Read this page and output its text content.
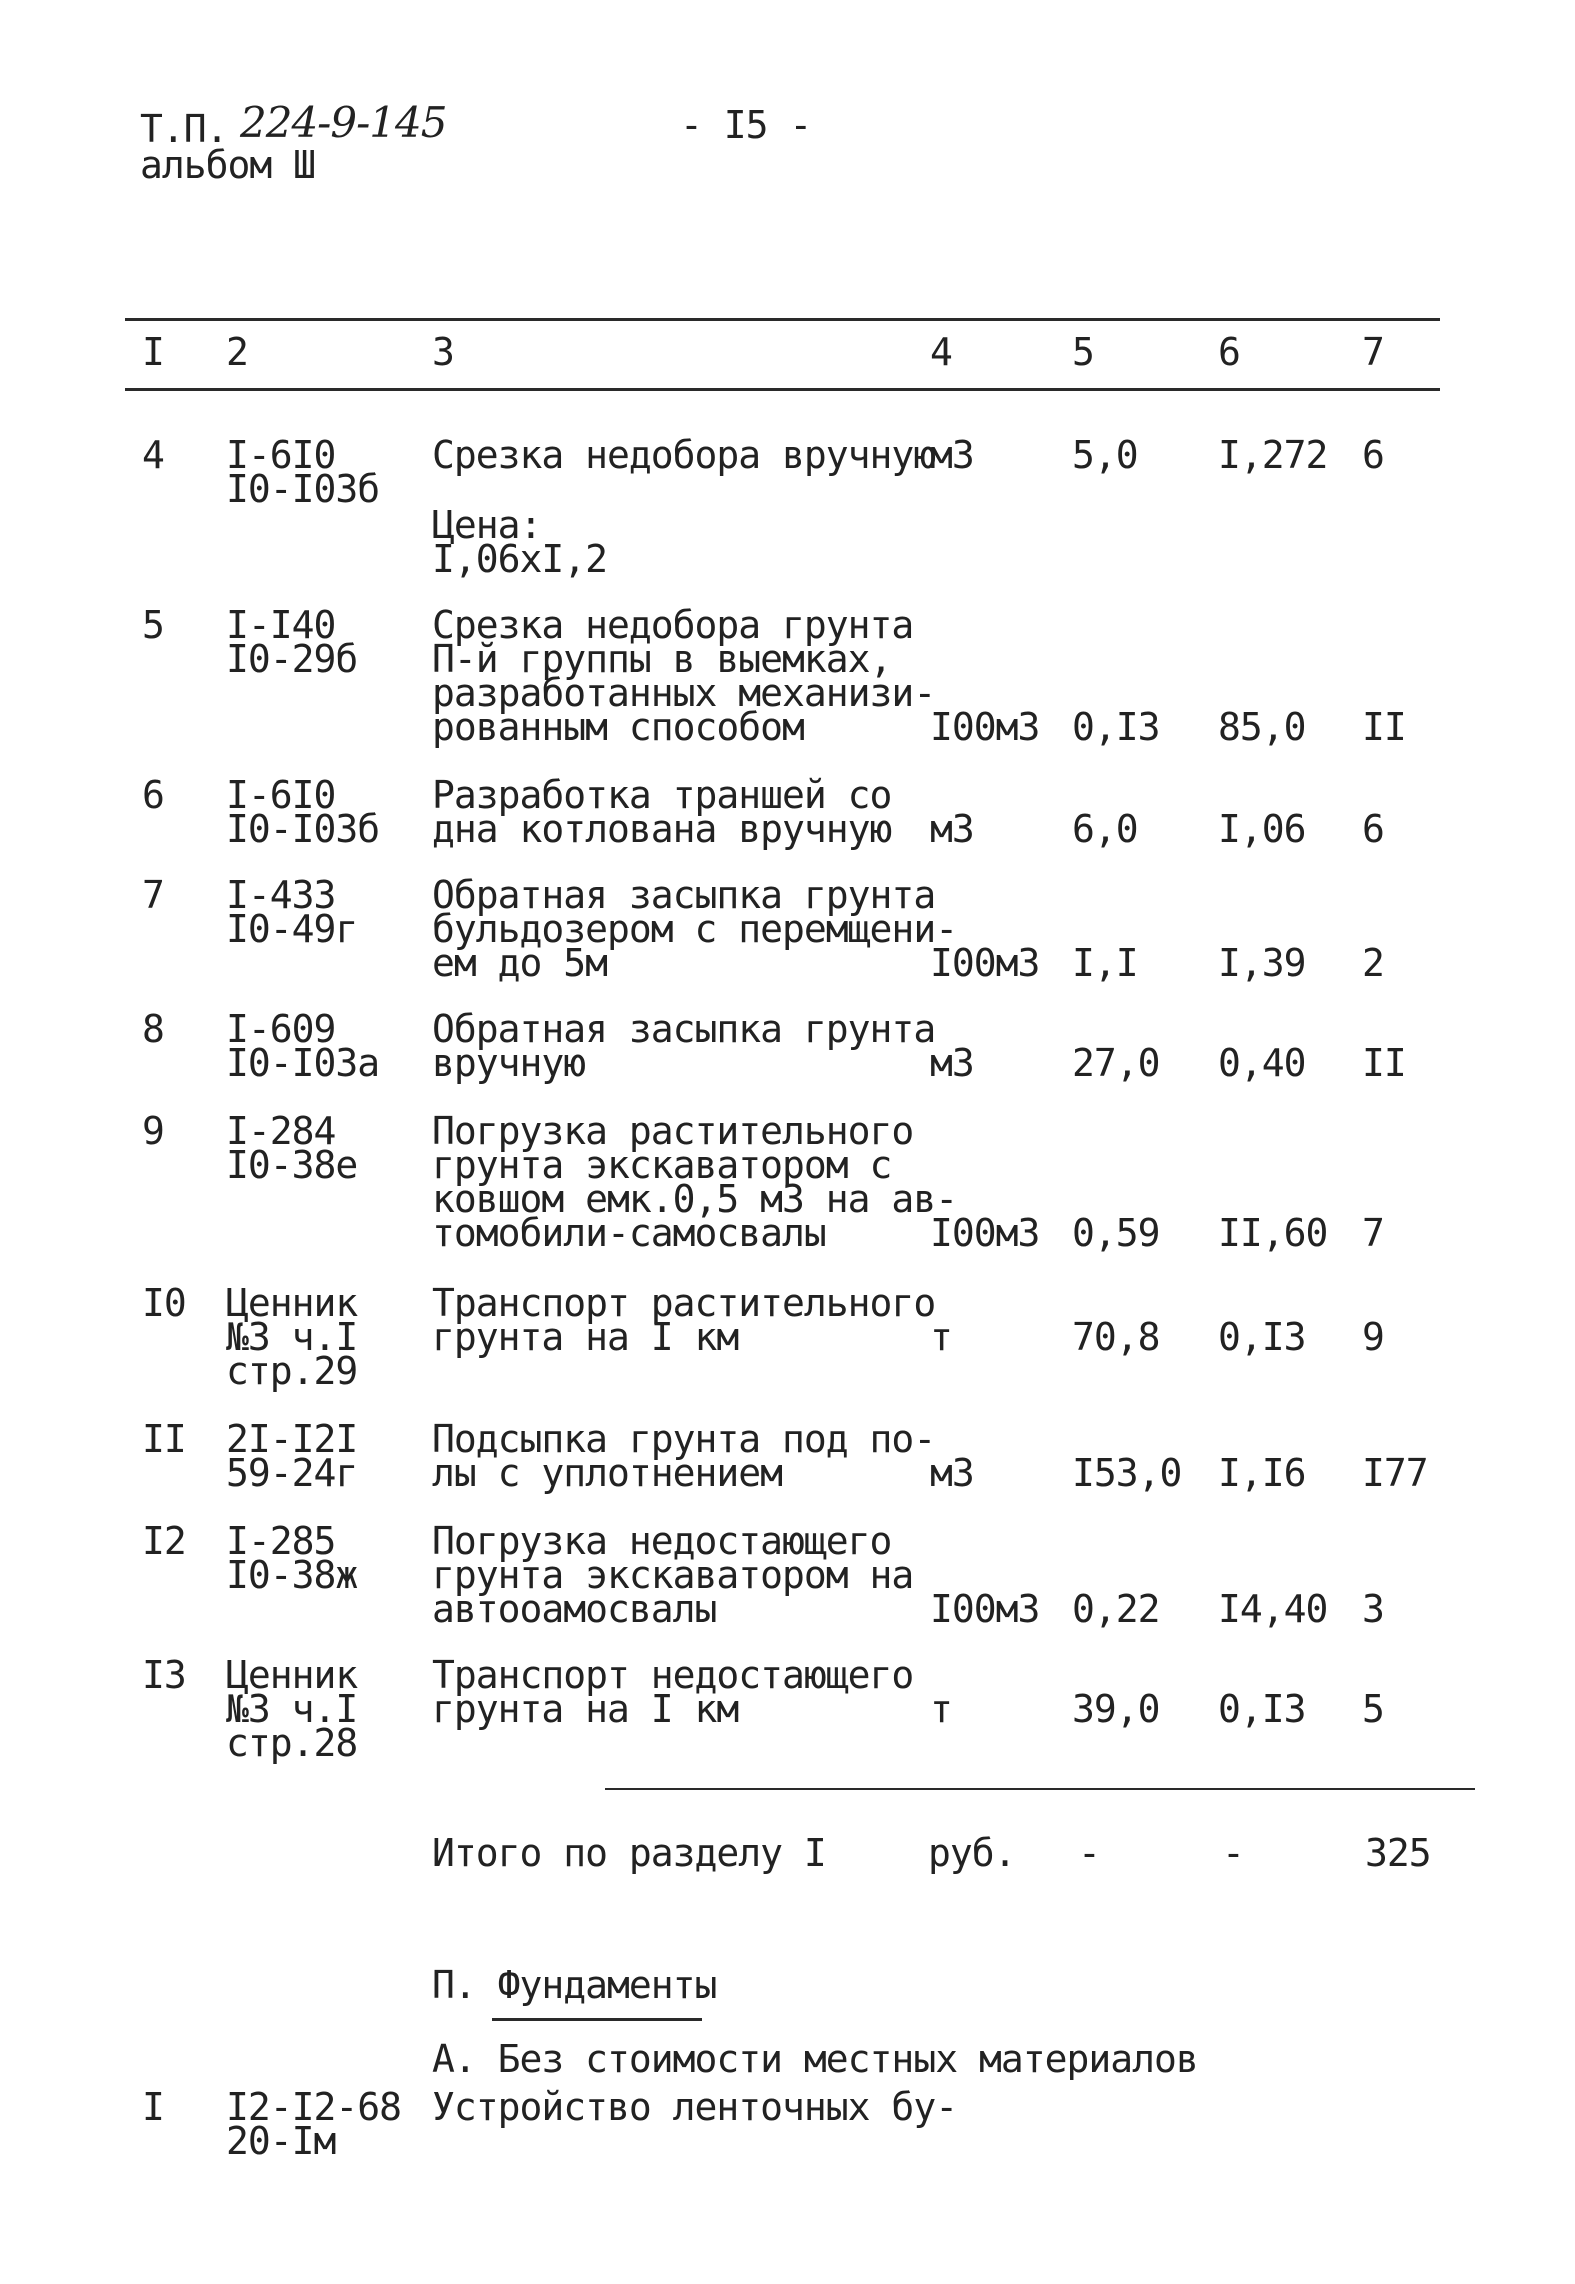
Т.П. 224-9-145
альбом Ш
- I5 -
I 2	3	4	5	6	7
4 I-6I0
I0-I03б
Срезка недобора вручную
м3	5,0 I,272 6
Цена:
I,06xI,2
5 I-I40
I0-29б
Срезка недобора грунта
П-й группы в выемках,
разработанных механизи-
рованным способом	I00м3 0,I3 85,0 II
6 I-6I0
I0-I03б
Разработка траншей со
дна котлована вручную м3	6,0 I,06 6
7 I-433
I0-49г
Обратная засыпка грунта
бульдозером с перемщени-
ем до 5м	I00м3 I,I I,39 2
8 I-609
I0-I03а
Обратная засыпка грунта
вручную	м3	27,0 0,40 II
9 I-284
I0-38е
Погрузка растительного
грунта экскаватором с
ковшом емк.0,5 м3 на ав-
томобили-самосвалы	I00м3 0,59 II,60 7
I0 Ценник
№3 ч.I
стр.29
Транспорт растительного
грунта на I км	т	70,8 0,I3 9
II 2I-I2I
59-24г
Подсыпка грунта под по-
лы с уплотнением	м3	I53,0 I,I6 I77
I2 I-285
I0-38ж
Погрузка недостающего
грунта экскаватором на
автоoамосвалы	I00м3 0,22 I4,40 3
I3 Ценник
№3 ч.I
стр.28
Транспорт недостающего
грунта на I км	т	39,0 0,I3 5
Итого по разделу I	руб. -	-	325
П. Фундаменты
А. Без стоимости местных материалов
I I2-I2-68
20-Iм
Устройство ленточных бу-
